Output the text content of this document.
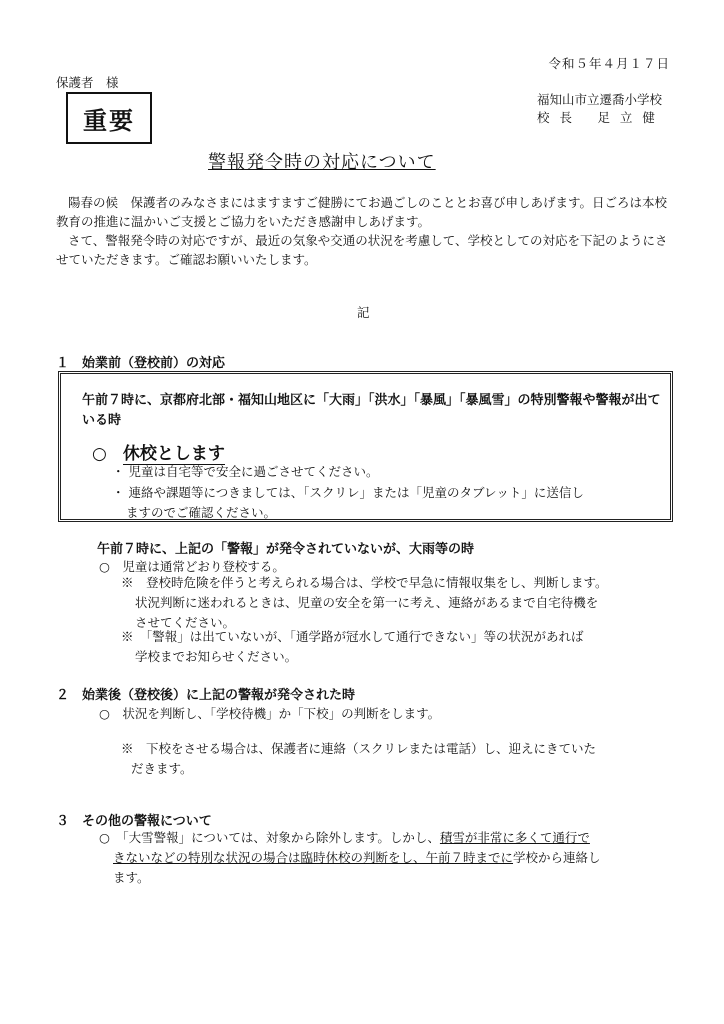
令和５年４月１７日
保護者　様
重要
福知山市立遷喬小学校
校 長　 足 立 健
警報発令時の対応について
陽春の候　保護者のみなさまにはますますご健勝にてお過ごしのこととお喜び申しあげます。日ごろは本校教育の推進に温かいご支援とご協力をいただき感謝申しあげます。
さて、警報発令時の対応ですが、最近の気象や交通の状況を考慮して、学校としての対応を下記のようにさせていただきます。ご確認お願いいたします。
記
１　始業前（登校前）の対応
午前７時に、京都府北部・福知山地区に「大雨」「洪水」「暴風」「暴風雪」の特別警報や警報が出ている時
○ 休校とします
・ 児童は自宅等で安全に過ごさせてください。
・ 連絡や課題等につきましては、「スクリレ」または「児童のタブレット」に送信し
ますのでご確認ください。
午前７時に、上記の「警報」が発令されていないが、大雨等の時
○　児童は通常どおり登校する。
※　登校時危険を伴うと考えられる場合は、学校で早急に情報収集をし、判断します。
状況判断に迷われるときは、児童の安全を第一に考え、連絡があるまで自宅待機を
させてください。
※　「警報」は出ていないが、「通学路が冠水して通行できない」等の状況があれば
学校までお知らせください。
２　始業後（登校後）に上記の警報が発令された時
○　状況を判断し、「学校待機」か「下校」の判断をします。
※　下校をさせる場合は、保護者に連絡（スクリレまたは電話）し、迎えにきていた
だきます。
３　その他の警報について
○　「大雪警報」については、対象から除外します。しかし、積雪が非常に多くて通行で
きないなどの特別な状況の場合は臨時休校の判断をし、午前７時までに学校から連絡し
ます。
